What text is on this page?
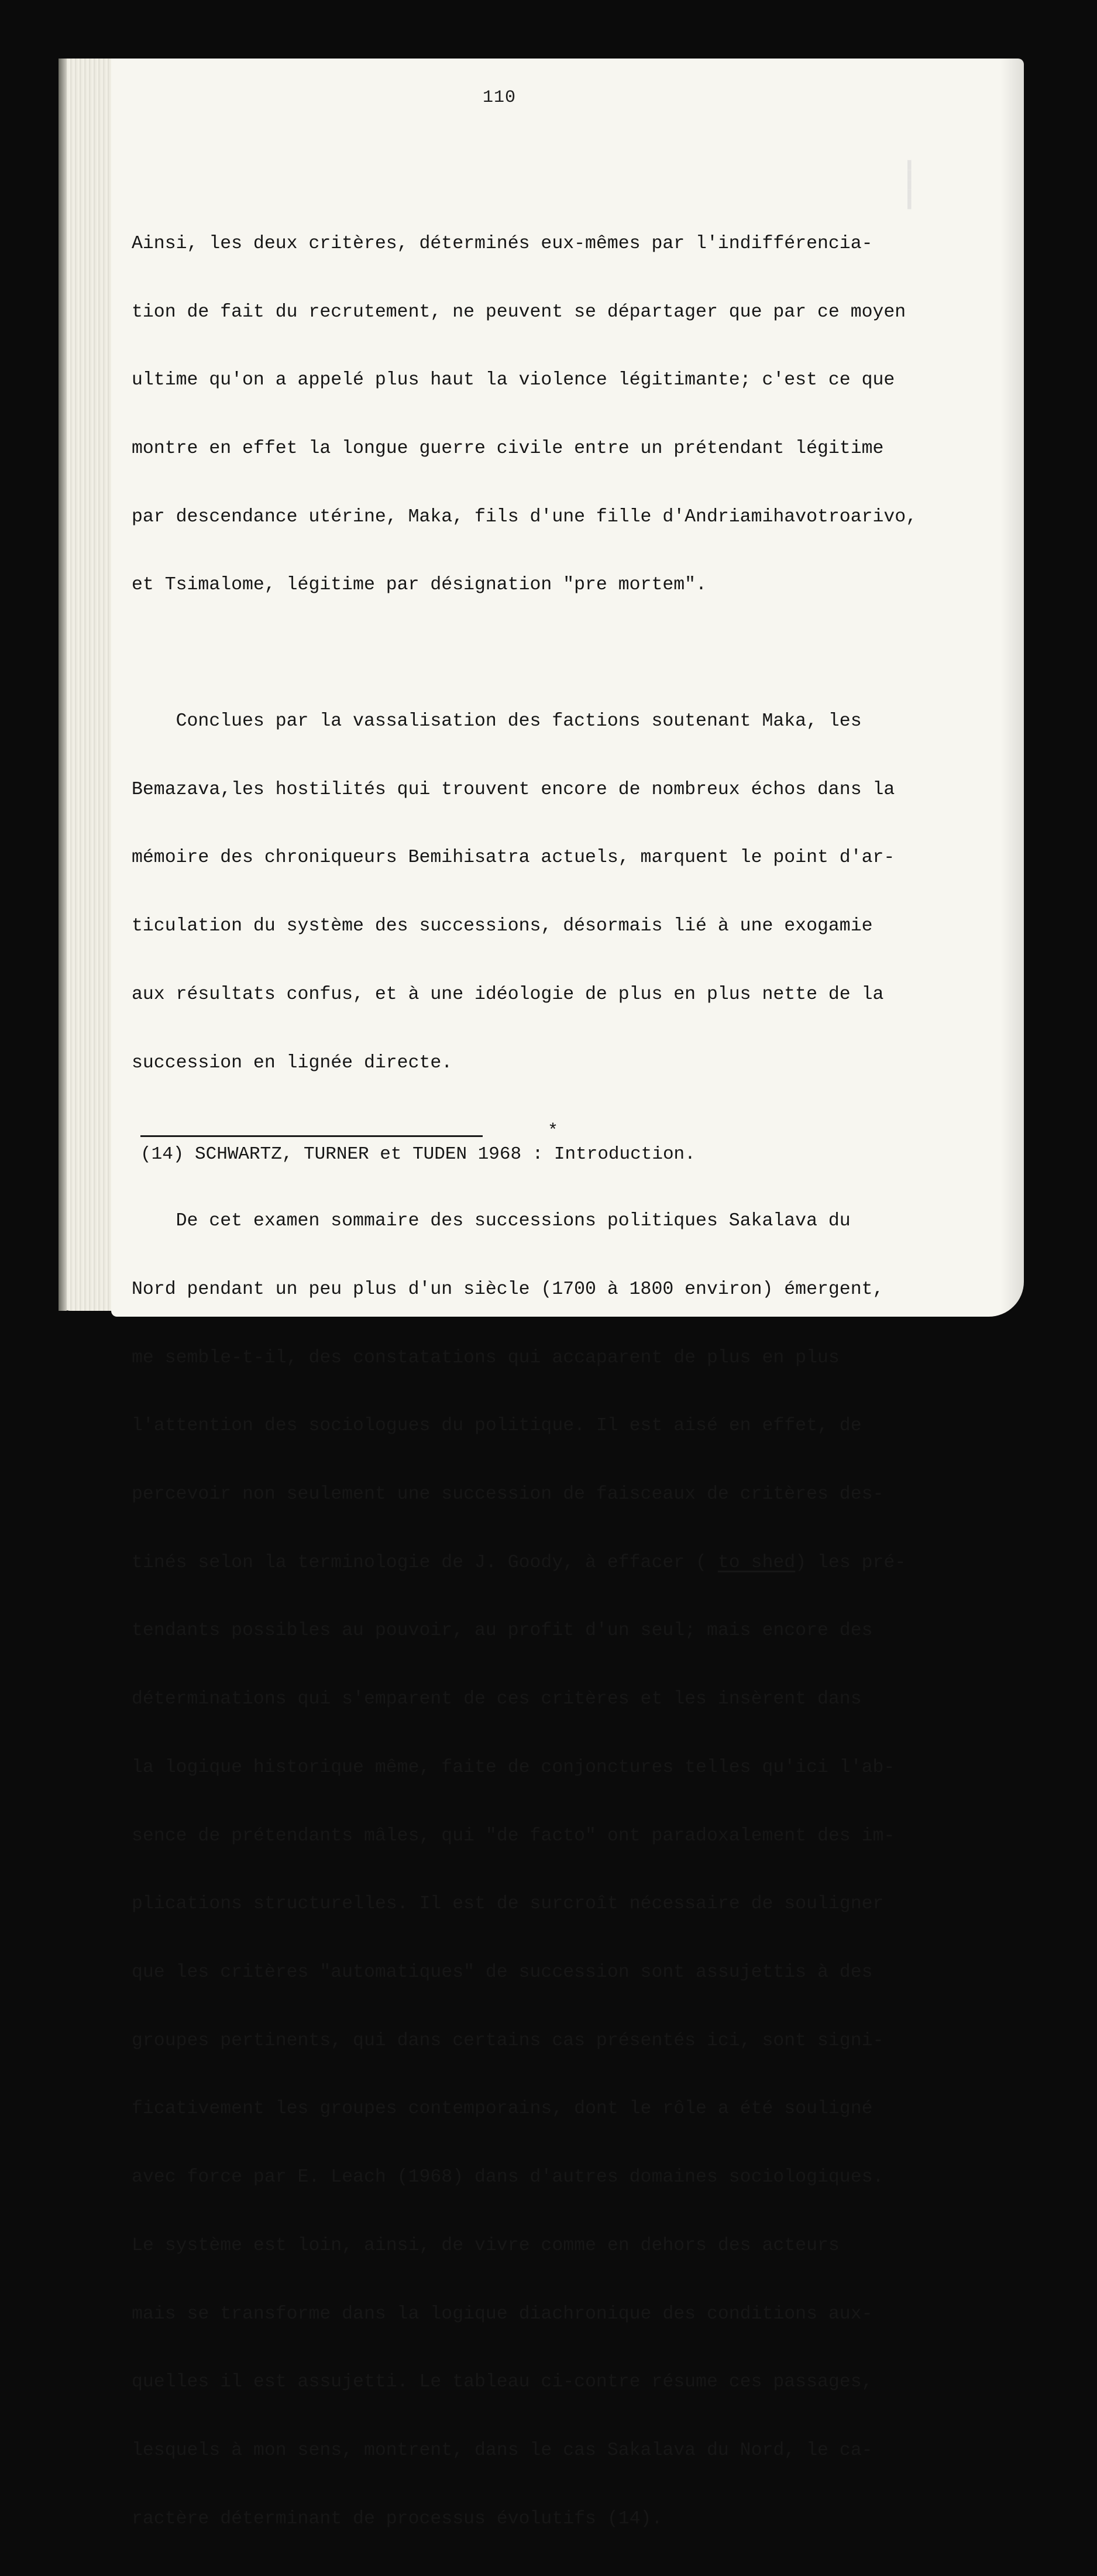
▬▬▬▬▬
110

Ainsi, les deux critères, déterminés eux-mêmes par l'indifférencia-

tion de fait du recrutement, ne peuvent se départager que par ce moyen

ultime qu'on a appelé plus haut la violence légitimante; c'est ce que

montre en effet la longue guerre civile entre un prétendant légitime

par descendance utérine, Maka, fils d'une fille d'Andriamihavotroarivo,

et Tsimalome, légitime par désignation "pre mortem".

Conclues par la vassalisation des factions soutenant Maka, les

Bemazava,les hostilités qui trouvent encore de nombreux échos dans la

mémoire des chroniqueurs Bemihisatra actuels, marquent le point d'ar-

ticulation du système des successions, désormais lié à une exogamie

aux résultats confus, et à une idéologie de plus en plus nette de la

succession en lignée directe.

*

De cet examen sommaire des successions politiques Sakalava du

Nord pendant un peu plus d'un siècle (1700 à 1800 environ) émergent,

me semble-t-il, des constatations qui accaparent de plus en plus

l'attention des sociologues du politique. Il est aisé en effet, de

percevoir non seulement une succession de faisceaux de critères des-

tinés selon la terminologie de J. Goody, à effacer ( to shed) les pré-

tendants possibles au pouvoir, au profit d'un seul; mais encore des

déterminations qui s'emparent de ces critères et les insèrent dans

la logique historique même, faite de conjonctures telles qu'ici l'ab-

sence de prétendants mâles, qui "de facto" ont paradoxalement des im-

plications structurelles. Il est de surcroît nécessaire de souligner

que les critères "automatiques" de succession sont assujettis à des

groupes pertinents, qui dans certains cas présentés ici, sont signi-

ficativement les groupes contemporains, dont le rôle a été souligné

avec force par E. Leach (1968) dans d'autres domaines sociologiques.

Le système est loin, ainsi, de vivre comme en dehors des acteurs

mais se transforme dans la logique diachronique des conditions aux-

quelles il est assujetti. Le tableau ci-contre résume ces passages,

lesquels à mon sens, montrent, dans le cas Sakalava du Nord, le ca-

ractère déterminant de processus évolutifs (14).

(14) SCHWARTZ, TURNER et TUDEN 1968 : Introduction.
